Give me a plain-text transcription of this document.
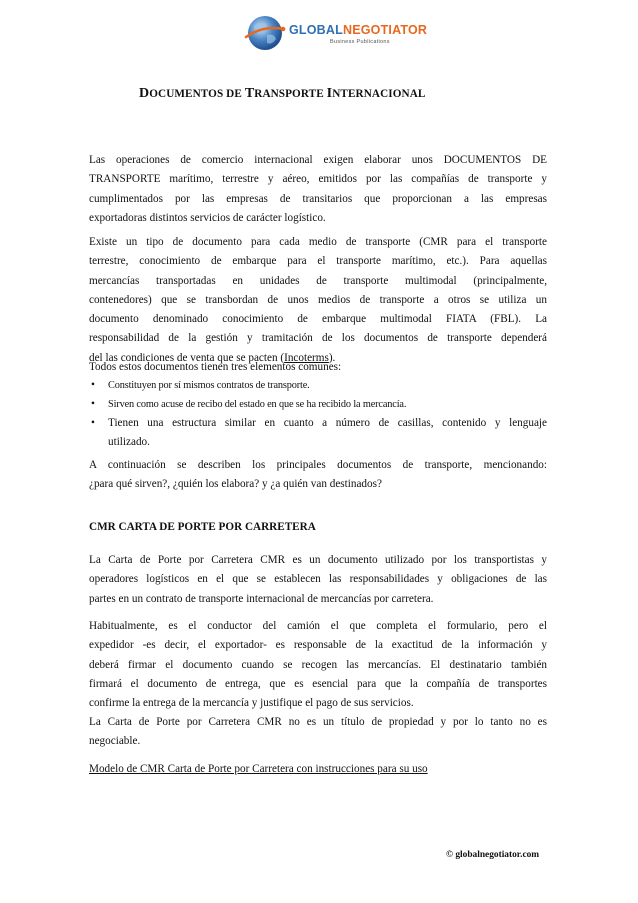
GLOBALNEGOTIATOR
Business Publications
DOCUMENTOS DE TRANSPORTE INTERNACIONAL
Las operaciones de comercio internacional exigen elaborar unos DOCUMENTOS DE
TRANSPORTE marítimo, terrestre y aéreo, emitidos por las compañías de transporte y
cumplimentados por las empresas de transitarios que proporcionan a las empresas
exportadoras distintos servicios de carácter logístico.
Existe un tipo de documento para cada medio de transporte (CMR para el transporte
terrestre, conocimiento de embarque para el transporte marítimo, etc.). Para aquellas
mercancías transportadas en unidades de transporte multimodal (principalmente,
contenedores) que se transbordan de unos medios de transporte a otros se utiliza un
documento denominado conocimiento de embarque multimodal FIATA (FBL). La
responsabilidad de la gestión y tramitación de los documentos de transporte dependerá
del las condiciones de venta que se pacten (Incoterms).
Todos estos documentos tienen tres elementos comunes:
• Constituyen por sí mismos contratos de transporte.
• Sirven como acuse de recibo del estado en que se ha recibido la mercancía.
• Tienen una estructura similar en cuanto a número de casillas, contenido y lenguaje
utilizado.
A continuación se describen los principales documentos de transporte, mencionando:
¿para qué sirven?, ¿quién los elabora? y ¿a quién van destinados?
CMR CARTA DE PORTE POR CARRETERA
La Carta de Porte por Carretera CMR es un documento utilizado por los transportistas y
operadores logísticos en el que se establecen las responsabilidades y obligaciones de las
partes en un contrato de transporte internacional de mercancías por carretera.
Habitualmente, es el conductor del camión el que completa el formulario, pero el
expedidor -es decir, el exportador- es responsable de la exactitud de la información y
deberá firmar el documento cuando se recogen las mercancías. El destinatario también
firmará el documento de entrega, que es esencial para que la compañía de transportes
confirme la entrega de la mercancía y justifique el pago de sus servicios.
La Carta de Porte por Carretera CMR no es un título de propiedad y por lo tanto no es
negociable.
Modelo de CMR Carta de Porte por Carretera con instrucciones para su uso
© globalnegotiator.com
